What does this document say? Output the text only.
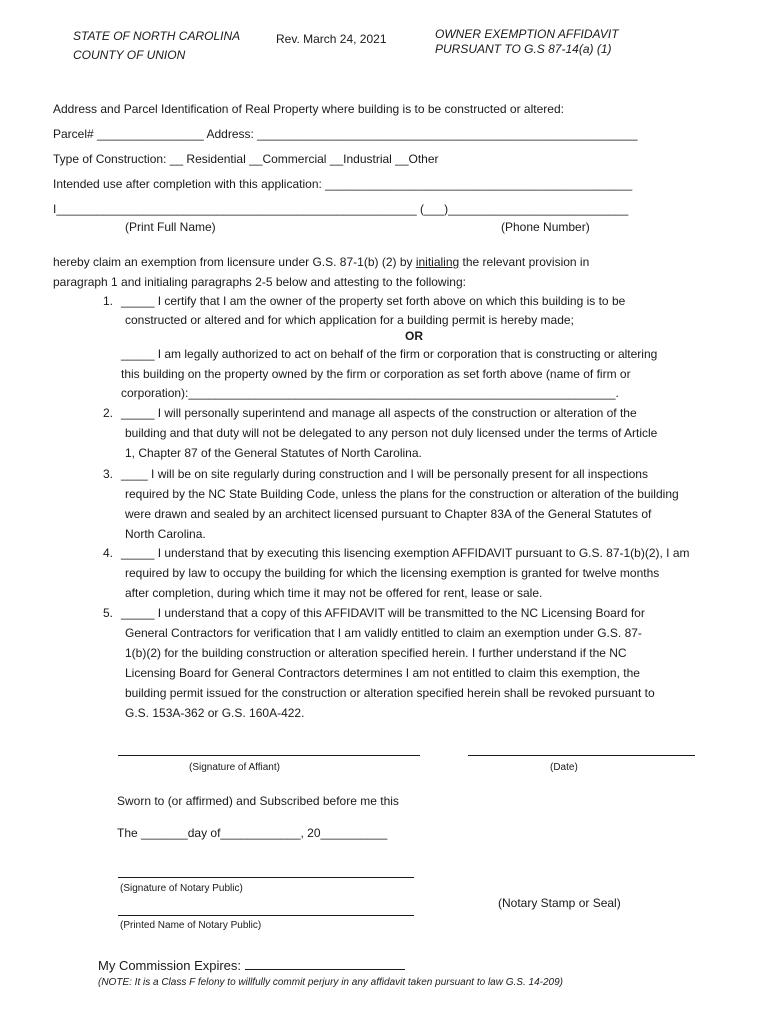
STATE OF NORTH CAROLINA
COUNTY OF UNION
Rev. March 24, 2021	OWNER EXEMPTION AFFIDAVIT
PURSUANT TO G.S 87-14(a) (1)
Address and Parcel Identification of Real Property where building is to be constructed or altered:
Parcel# ________________ Address: _________________________________________________________
Type of Construction: __ Residential __Commercial __Industrial __Other
Intended use after completion with this application: ______________________________________________
I______________________________________________________ (___)___________________________
(Print Full Name)	(Phone Number)
hereby claim an exemption from licensure under G.S. 87-1(b) (2) by initialing the relevant provision in
paragraph 1 and initialing paragraphs 2-5 below and attesting to the following:
1. _____ I certify that I am the owner of the property set forth above on which this building is to be
constructed or altered and for which application for a building permit is hereby made;
OR
_____ I am legally authorized to act on behalf of the firm or corporation that is constructing or altering
this building on the property owned by the firm or corporation as set forth above (name of firm or
corporation):________________________________________________________________.
2. _____ I will personally superintend and manage all aspects of the construction or alteration of the
building and that duty will not be delegated to any person not duly licensed under the terms of Article
1, Chapter 87 of the General Statutes of North Carolina.
3. ____ I will be on site regularly during construction and I will be personally present for all inspections
required by the NC State Building Code, unless the plans for the construction or alteration of the building
were drawn and sealed by an architect licensed pursuant to Chapter 83A of the General Statutes of
North Carolina.
4. _____ I understand that by executing this lisencing exemption AFFIDAVIT pursuant to G.S. 87-1(b)(2), I am
required by law to occupy the building for which the licensing exemption is granted for twelve months
after completion, during which time it may not be offered for rent, lease or sale.
5. _____ I understand that a copy of this AFFIDAVIT will be transmitted to the NC Licensing Board for
General Contractors for verification that I am validly entitled to claim an exemption under G.S. 87-
1(b)(2) for the building construction or alteration specified herein. I further understand if the NC
Licensing Board for General Contractors determines I am not entitled to claim this exemption, the
building permit issued for the construction or alteration specified herein shall be revoked pursuant to
G.S. 153A-362 or G.S. 160A-422.
(Signature of Affiant)	(Date)
Sworn to (or affirmed) and Subscribed before me this
The _______day of____________, 20__________
(Signature of Notary Public)
(Notary Stamp or Seal)
(Printed Name of Notary Public)
My Commission Expires:
(NOTE: It is a Class F felony to willfully commit perjury in any affidavit taken pursuant to law G.S. 14-209)
